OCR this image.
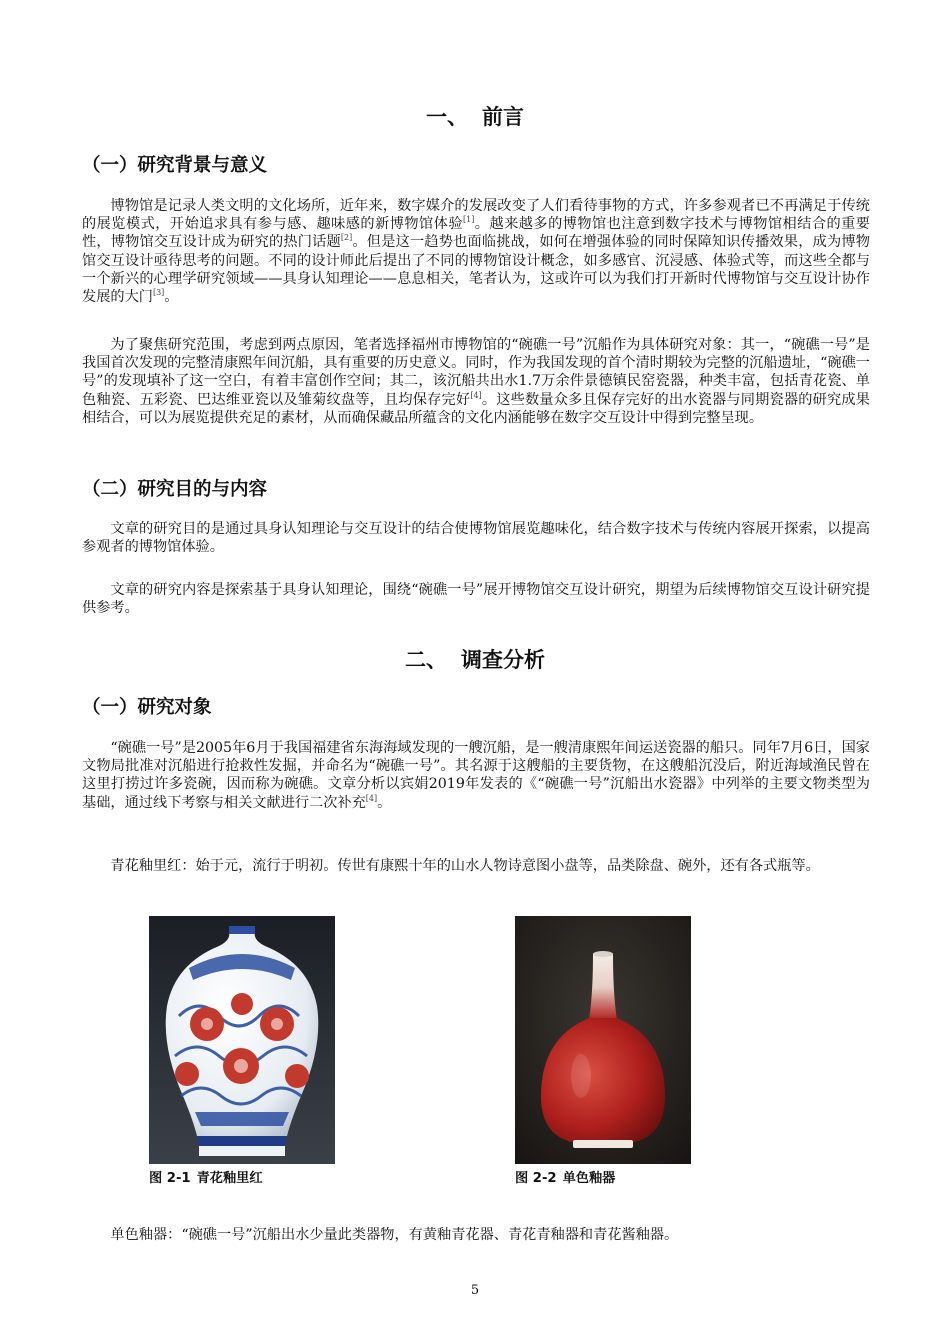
一、 前言
（一）研究背景与意义

博物馆是记录人类文明的文化场所，近年来，数字媒介的发展改变了人们看待事物的方式，许多参观者已不再满足于传统的展览模式，开始追求具有参与感、趣味感的新博物馆体验[1]。越来越多的博物馆也注意到数字技术与博物馆相结合的重要性，博物馆交互设计成为研究的热门话题[2]。但是这一趋势也面临挑战，如何在增强体验的同时保障知识传播效果，成为博物馆交互设计亟待思考的问题。不同的设计师此后提出了不同的博物馆设计概念，如多感官、沉浸感、体验式等，而这些全都与一个新兴的心理学研究领域——具身认知理论——息息相关，笔者认为，这或许可以为我们打开新时代博物馆与交互设计协作发展的大门[3]。

为了聚焦研究范围，考虑到两点原因，笔者选择福州市博物馆的“碗礁一号”沉船作为具体研究对象：其一，“碗礁一号”是我国首次发现的完整清康熙年间沉船，具有重要的历史意义。同时，作为我国发现的首个清时期较为完整的沉船遗址，“碗礁一号”的发现填补了这一空白，有着丰富创作空间；其二，该沉船共出水1.7万余件景德镇民窑瓷器，种类丰富，包括青花瓷、单色釉瓷、五彩瓷、巴达维亚瓷以及雏菊纹盘等，且均保存完好[4]。这些数量众多且保存完好的出水瓷器与同期瓷器的研究成果相结合，可以为展览提供充足的素材，从而确保藏品所蕴含的文化内涵能够在数字交互设计中得到完整呈现。

（二）研究目的与内容

文章的研究目的是通过具身认知理论与交互设计的结合使博物馆展览趣味化，结合数字技术与传统内容展开探索，以提高参观者的博物馆体验。

文章的研究内容是探索基于具身认知理论，围绕“碗礁一号”展开博物馆交互设计研究，期望为后续博物馆交互设计研究提供参考。

二、 调查分析
（一）研究对象

“碗礁一号”是2005年6月于我国福建省东海海域发现的一艘沉船，是一艘清康熙年间运送瓷器的船只。同年7月6日，国家文物局批准对沉船进行抢救性发掘，并命名为“碗礁一号”。其名源于这艘船的主要货物，在这艘船沉没后，附近海域渔民曾在这里打捞过许多瓷碗，因而称为碗礁。文章分析以宾娟2019年发表的《“碗礁一号”沉船出水瓷器》中列举的主要文物类型为基础，通过线下考察与相关文献进行二次补充[4]。

青花釉里红：始于元，流行于明初。传世有康熙十年的山水人物诗意图小盘等，品类除盘、碗外，还有各式瓶等。

图 2-1 青花釉里红	图 2-2 单色釉器

单色釉器：“碗礁一号”沉船出水少量此类器物，有黄釉青花器、青花青釉器和青花酱釉器。

5
